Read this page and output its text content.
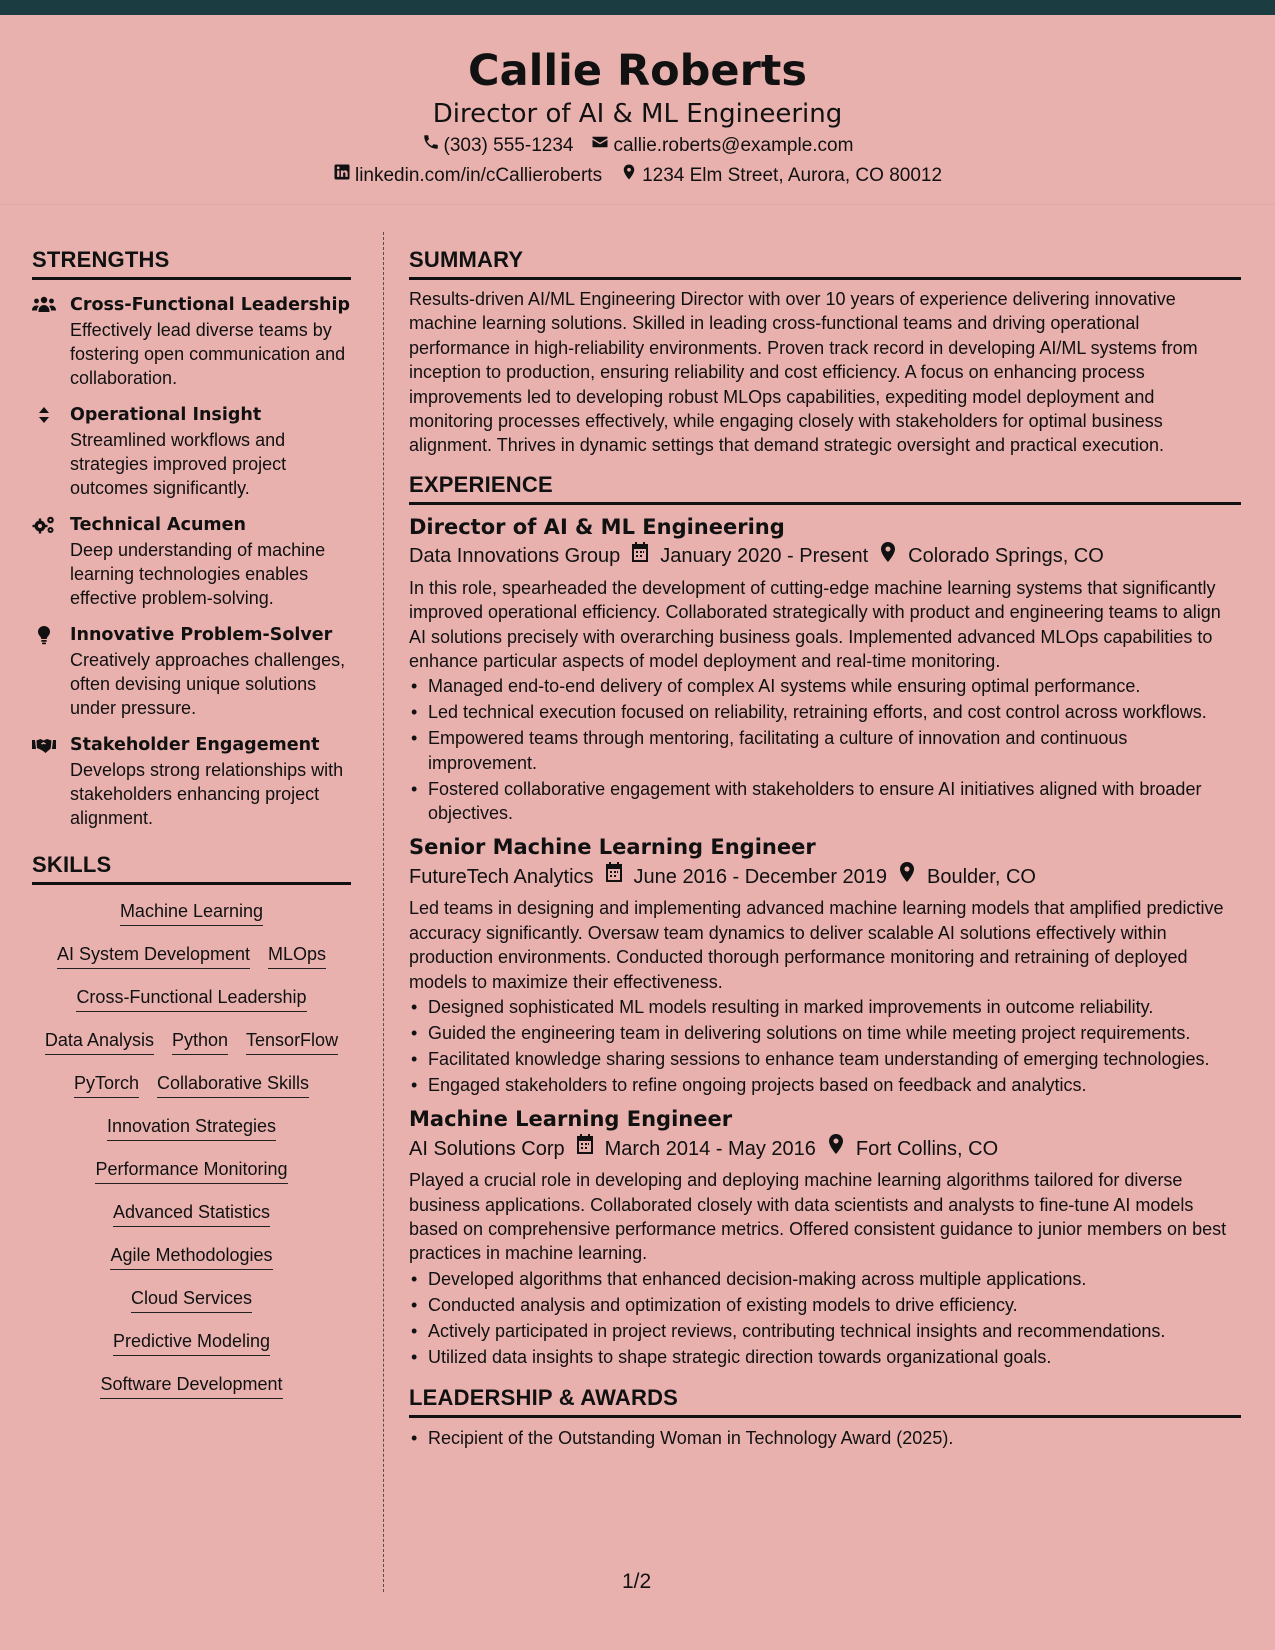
Callie Roberts
Director of AI & ML Engineering
(303) 555-1234 callie.roberts@example.com
linkedin.com/in/cCallieroberts 1234 Elm Street, Aurora, CO 80012
STRENGTHS
Cross-Functional Leadership
Effectively lead diverse teams by fostering open communication and collaboration.
Operational Insight
Streamlined workflows and strategies improved project outcomes significantly.
Technical Acumen
Deep understanding of machine learning technologies enables effective problem-solving.
Innovative Problem-Solver
Creatively approaches challenges, often devising unique solutions under pressure.
Stakeholder Engagement
Develops strong relationships with stakeholders enhancing project alignment.
SKILLS
Machine Learning
AI System Development MLOps
Cross-Functional Leadership
Data Analysis Python TensorFlow
PyTorch Collaborative Skills
Innovation Strategies
Performance Monitoring
Advanced Statistics
Agile Methodologies
Cloud Services
Predictive Modeling
Software Development
SUMMARY

Results-driven AI/ML Engineering Director with over 10 years of experience delivering innovative machine learning solutions. Skilled in leading cross-functional teams and driving operational performance in high-reliability environments. Proven track record in developing AI/ML systems from inception to production, ensuring reliability and cost efficiency. A focus on enhancing process improvements led to developing robust MLOps capabilities, expediting model deployment and monitoring processes effectively, while engaging closely with stakeholders for optimal business alignment. Thrives in dynamic settings that demand strategic oversight and practical execution.

EXPERIENCE
Director of AI & ML Engineering
Data Innovations Group January 2020 - Present Colorado Springs, CO

In this role, spearheaded the development of cutting-edge machine learning systems that significantly improved operational efficiency. Collaborated strategically with product and engineering teams to align AI solutions precisely with overarching business goals. Implemented advanced MLOps capabilities to enhance particular aspects of model deployment and real-time monitoring.

• Managed end-to-end delivery of complex AI systems while ensuring optimal performance.
• Led technical execution focused on reliability, retraining efforts, and cost control across workflows.
• Empowered teams through mentoring, facilitating a culture of innovation and continuous improvement.
• Fostered collaborative engagement with stakeholders to ensure AI initiatives aligned with broader objectives.
Senior Machine Learning Engineer
FutureTech Analytics June 2016 - December 2019 Boulder, CO

Led teams in designing and implementing advanced machine learning models that amplified predictive accuracy significantly. Oversaw team dynamics to deliver scalable AI solutions effectively within production environments. Conducted thorough performance monitoring and retraining of deployed models to maximize their effectiveness.

• Designed sophisticated ML models resulting in marked improvements in outcome reliability.
• Guided the engineering team in delivering solutions on time while meeting project requirements.
• Facilitated knowledge sharing sessions to enhance team understanding of emerging technologies.
• Engaged stakeholders to refine ongoing projects based on feedback and analytics.
Machine Learning Engineer
AI Solutions Corp March 2014 - May 2016 Fort Collins, CO

Played a crucial role in developing and deploying machine learning algorithms tailored for diverse business applications. Collaborated closely with data scientists and analysts to fine-tune AI models based on comprehensive performance metrics. Offered consistent guidance to junior members on best practices in machine learning.

• Developed algorithms that enhanced decision-making across multiple applications.
• Conducted analysis and optimization of existing models to drive efficiency.
• Actively participated in project reviews, contributing technical insights and recommendations.
• Utilized data insights to shape strategic direction towards organizational goals.
LEADERSHIP & AWARDS
• Recipient of the Outstanding Woman in Technology Award (2025).
1/2
